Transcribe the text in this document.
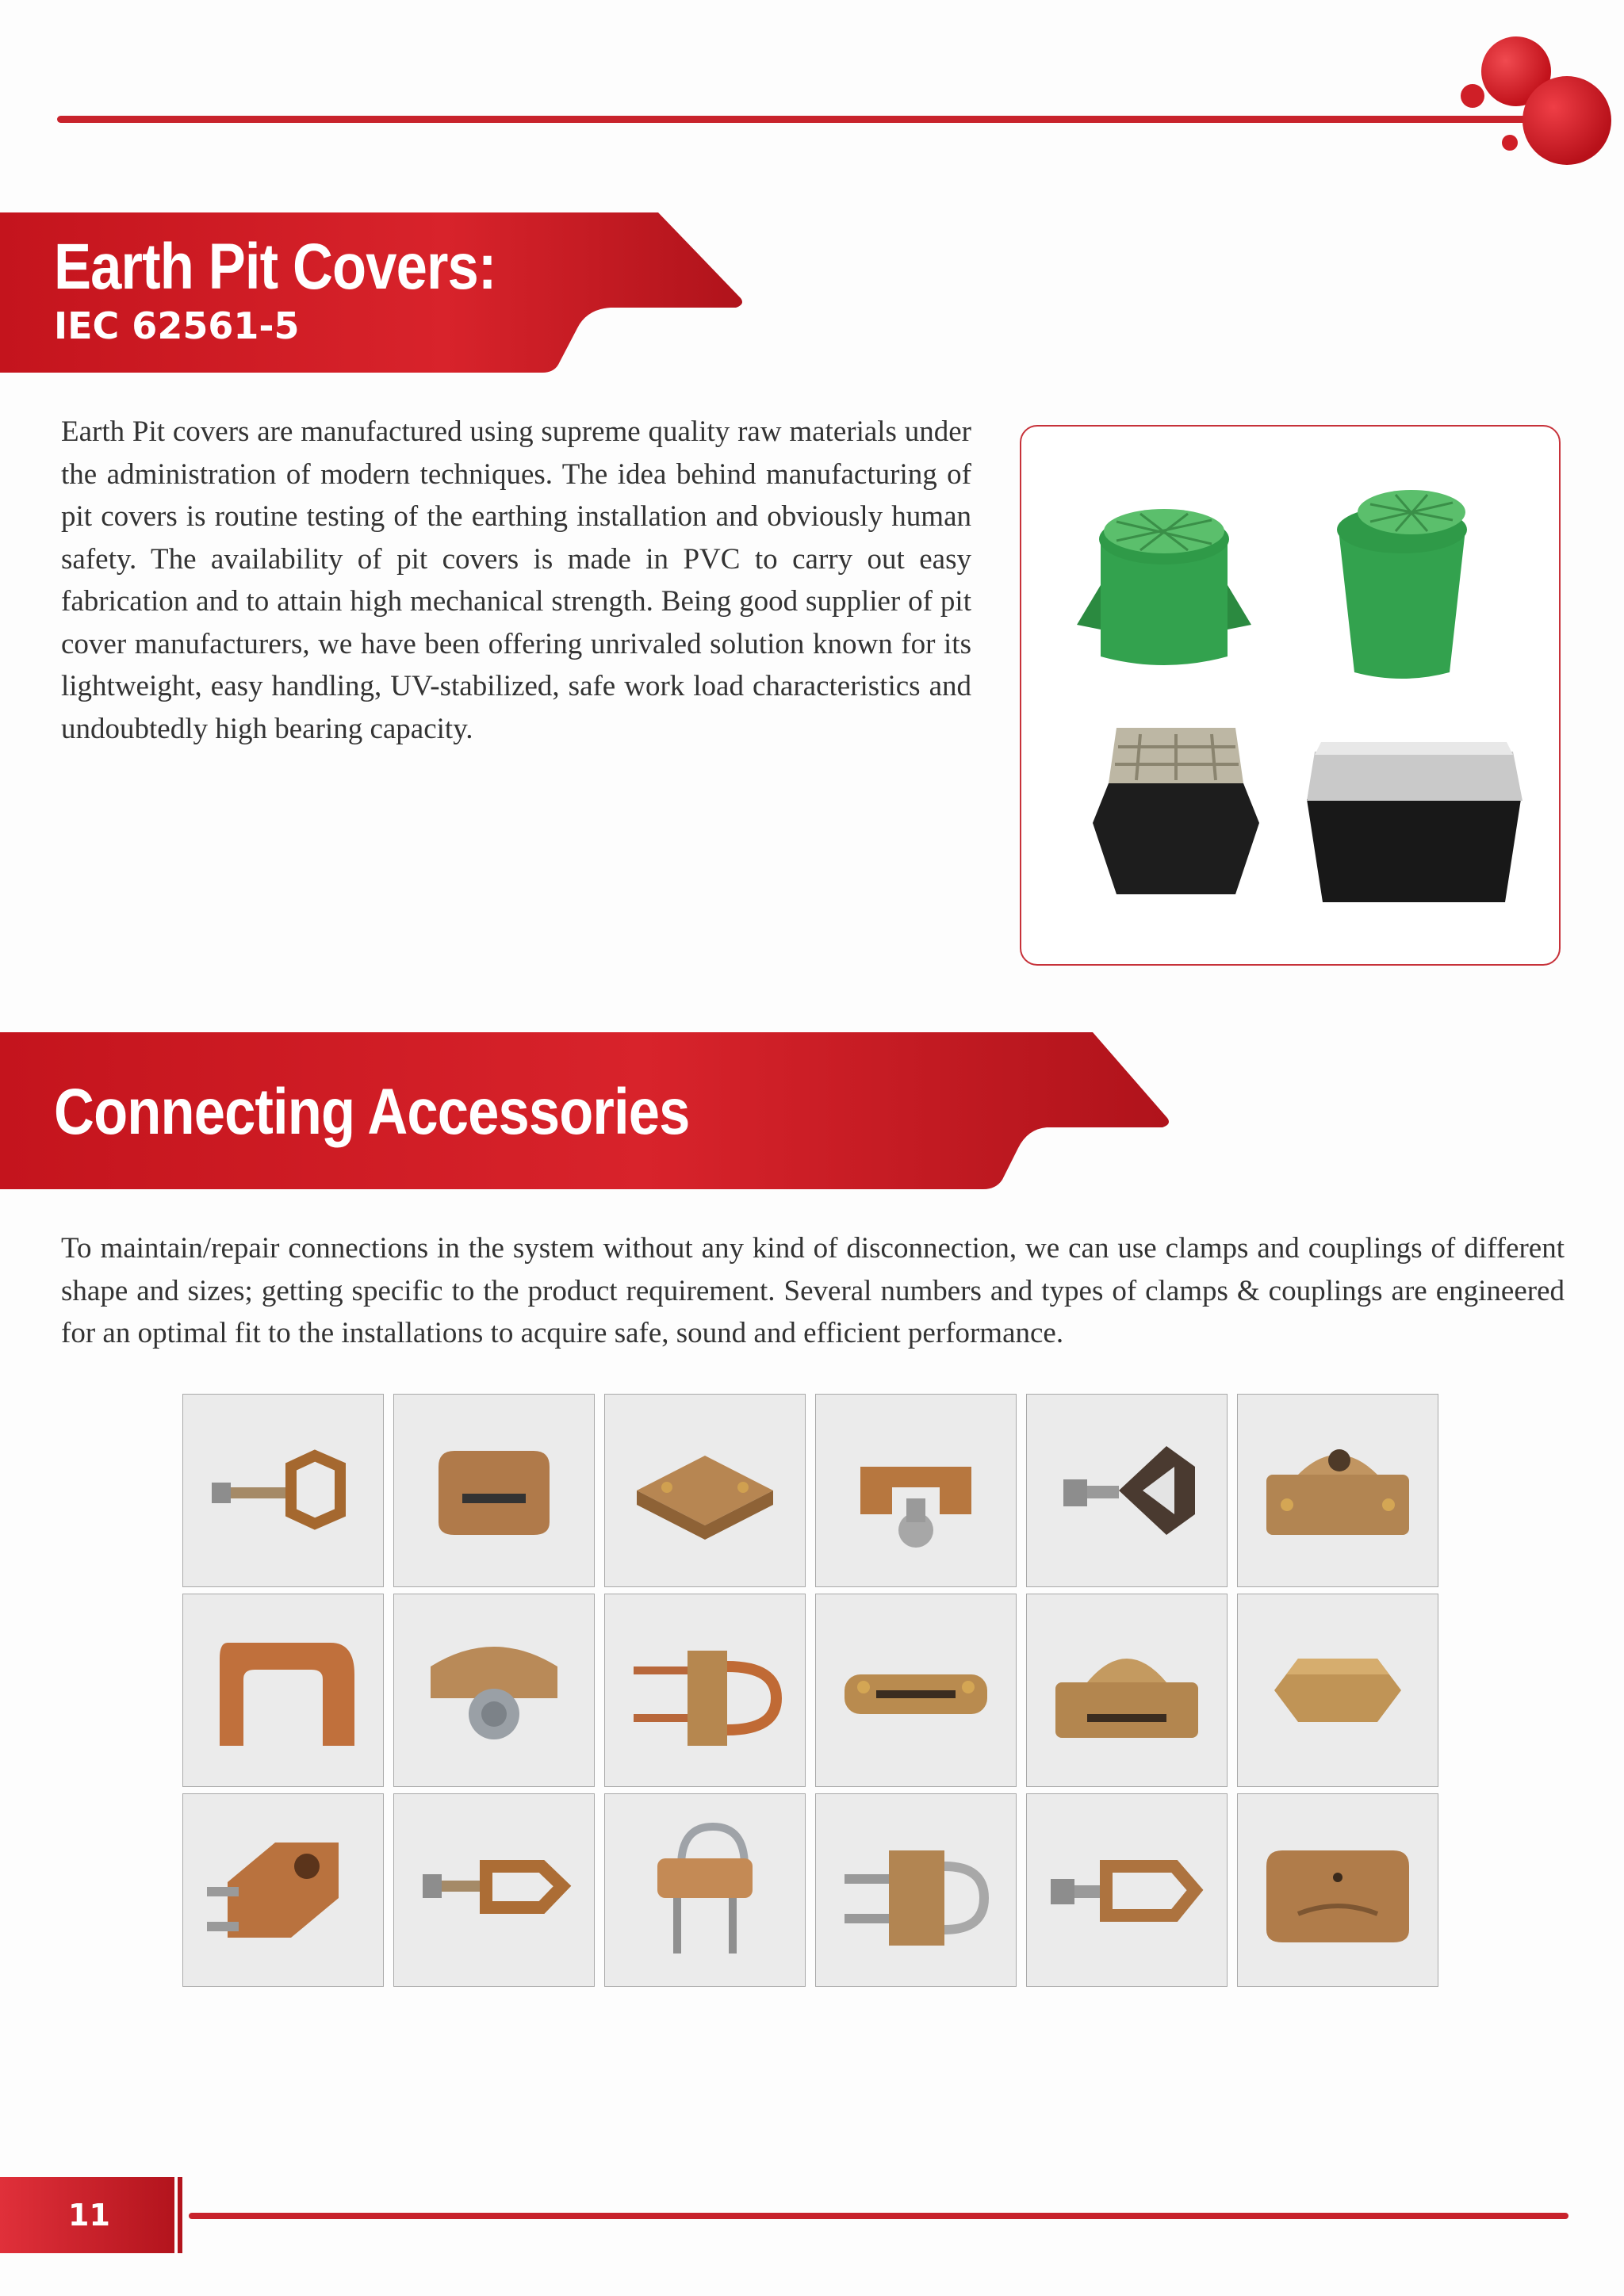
Earth Pit Covers:
IEC 62561-5

Earth Pit covers are manufactured using supreme quality raw materials under the administration of modern techniques. The idea behind manufacturing of pit covers is routine testing of the earthing installation and obviously human safety. The availability of pit covers is made in PVC to carry out easy fabrication and to attain high mechanical strength. Being good supplier of pit cover manufacturers, we have been offering unrivaled solution known for its lightweight, easy handling, UV-stabilized, safe work load characteristics and undoubtedly high bearing capacity.

Connecting Accessories

To maintain/repair connections in the system without any kind of disconnection, we can use clamps and couplings of different shape and sizes; getting specific to the product requirement. Several numbers and types of clamps & couplings are engineered for an optimal fit to the installations to acquire safe, sound and efficient performance.

11
